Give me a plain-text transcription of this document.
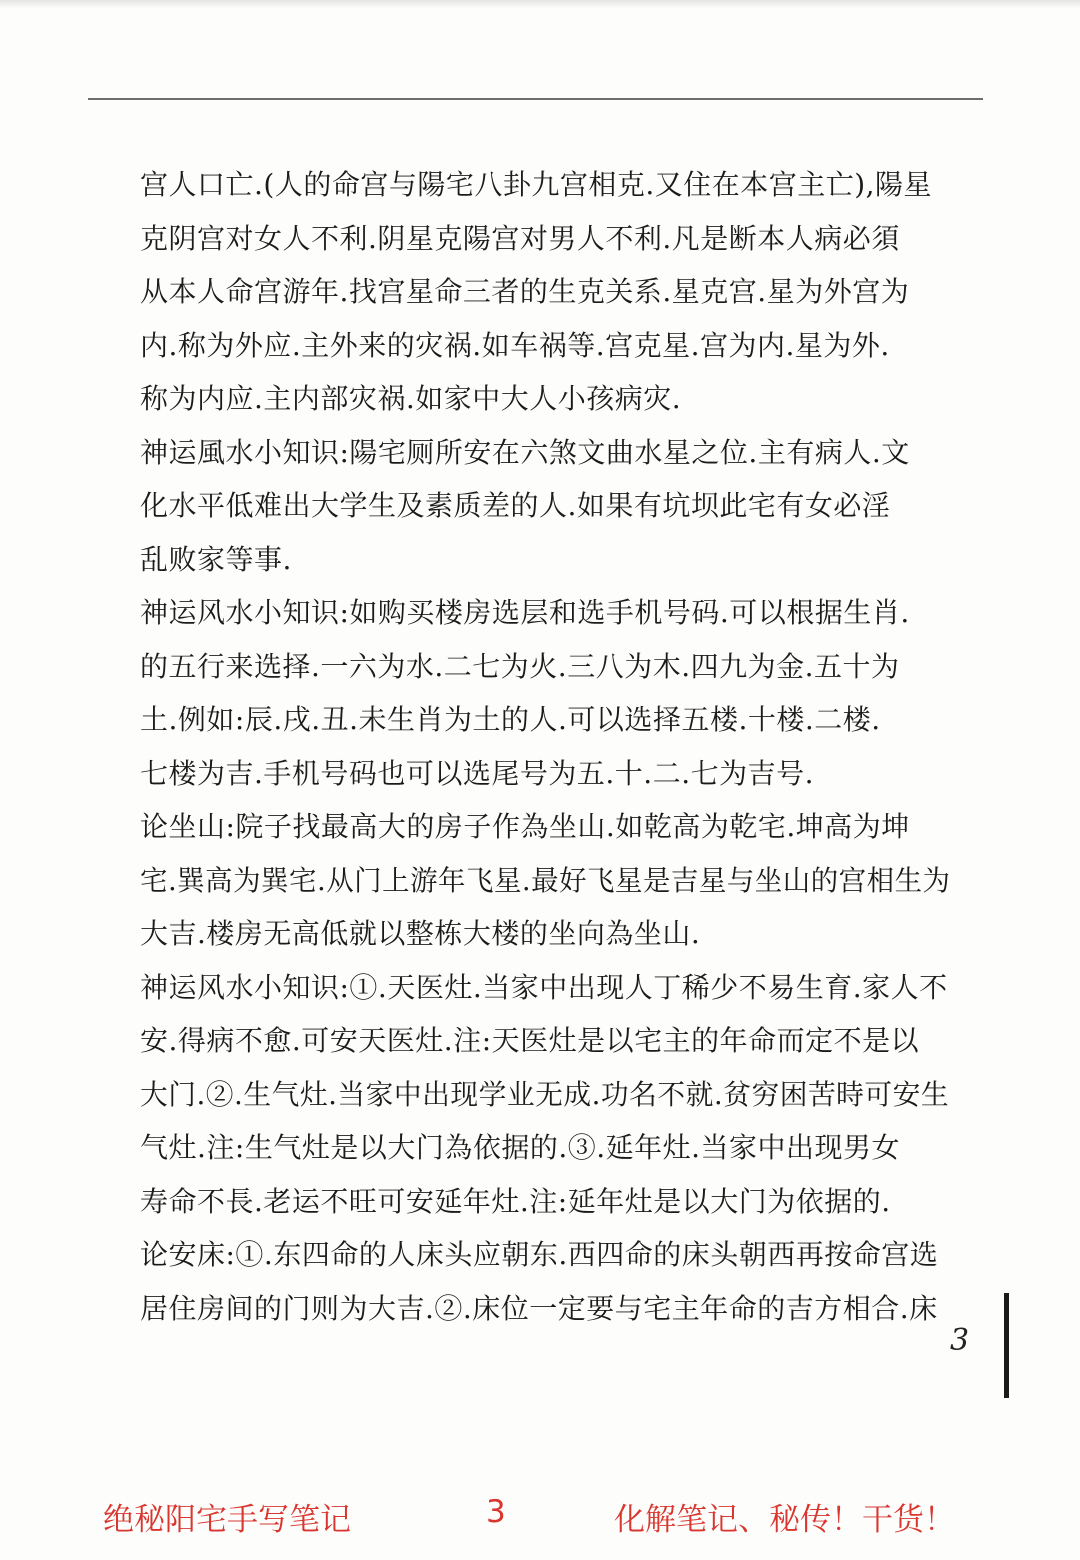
宫人口亡.(人的命宫与陽宅八卦九宫相克.又住在本宫主亡),陽星
克阴宫对女人不利.阴星克陽宫对男人不利.凡是断本人病必須
从本人命宫游年.找宫星命三者的生克关系.星克宫.星为外宫为
内.称为外应.主外来的灾祸.如车祸等.宫克星.宫为内.星为外.
称为内应.主内部灾祸.如家中大人小孩病灾.
神运風水小知识:陽宅厕所安在六煞文曲水星之位.主有病人.文
化水平低难出大学生及素质差的人.如果有坑坝此宅有女必淫
乱败家等事.
神运风水小知识:如购买楼房选层和选手机号码.可以根据生肖.
的五行来选择.一六为水.二七为火.三八为木.四九为金.五十为
土.例如:辰.戌.丑.未生肖为土的人.可以选择五楼.十楼.二楼.
七楼为吉.手机号码也可以选尾号为五.十.二.七为吉号.
论坐山:院子找最高大的房子作為坐山.如乾高为乾宅.坤高为坤
宅.巽高为巽宅.从门上游年飞星.最好飞星是吉星与坐山的宫相生为
大吉.楼房无高低就以整栋大楼的坐向為坐山.
神运风水小知识:①.天医灶.当家中出现人丁稀少不易生育.家人不
安.得病不愈.可安天医灶.注:天医灶是以宅主的年命而定不是以
大门.②.生气灶.当家中出现学业无成.功名不就.贫穷困苦時可安生
气灶.注:生气灶是以大门為依据的.③.延年灶.当家中出现男女
寿命不長.老运不旺可安延年灶.注:延年灶是以大门为依据的.
论安床:①.东四命的人床头应朝东.西四命的床头朝西再按命宫选
居住房间的门则为大吉.②.床位一定要与宅主年命的吉方相合.床
3
绝秘阳宅手写笔记	3	化解笔记、秘传！干货！
